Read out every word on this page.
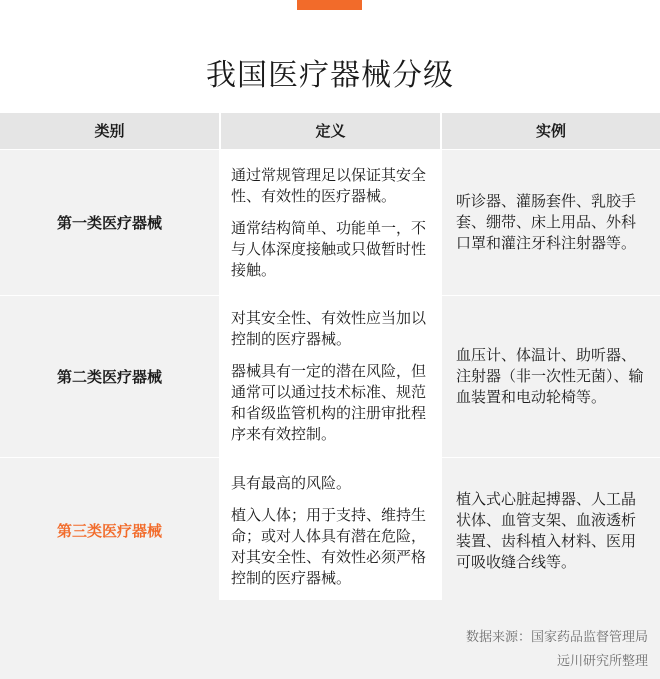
我国医疗器械分级
类别	定义	实例
第一类医疗器械

通过常规管理足以保证其安全性、有效性的医疗器械。

通常结构简单、功能单一，不与人体深度接触或只做暂时性接触。

听诊器、灌肠套件、乳胶手套、绷带、床上用品、外科口罩和灌注牙科注射器等。
第二类医疗器械

对其安全性、有效性应当加以控制的医疗器械。

器械具有一定的潜在风险，但通常可以通过技术标准、规范和省级监管机构的注册审批程序来有效控制。

血压计、体温计、助听器、注射器（非一次性无菌）、输血装置和电动轮椅等。
第三类医疗器械

具有最高的风险。

植入人体；用于支持、维持生命；或对人体具有潜在危险，对其安全性、有效性必须严格控制的医疗器械。

植入式心脏起搏器、人工晶状体、血管支架、血液透析装置、齿科植入材料、医用可吸收缝合线等。
数据来源：国家药品监督管理局
远川研究所整理
